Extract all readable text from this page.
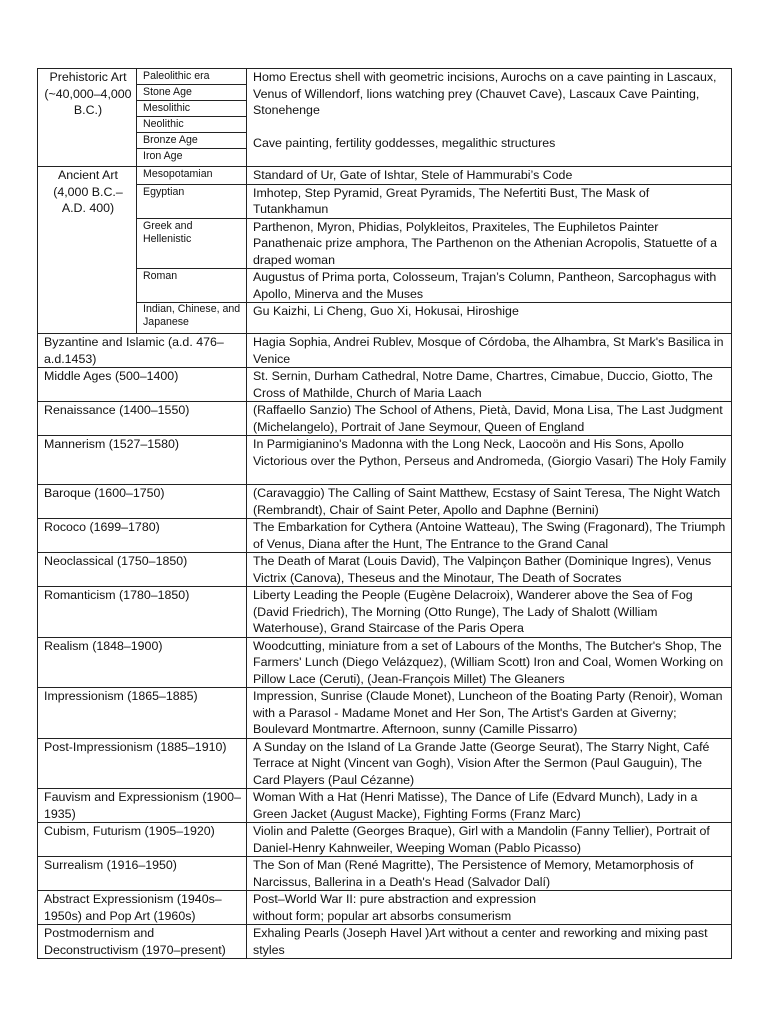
Prehistoric Art (~40,000–4,000 B.C.)	Paleolithic era	Homo Erectus shell with geometric incisions, Aurochs on a cave painting in Lascaux, Venus of Willendorf, lions watching prey (Chauvet Cave), Lascaux Cave Painting, Stonehenge
Cave painting, fertility goddesses, megalithic structures

	Stone Age	
	Mesolithic	
	Neolithic	
	Bronze Age	
	Iron Age	
Ancient Art (4,000 B.C.–A.D. 400)	Mesopotamian	Standard of Ur, Gate of Ishtar, Stele of Hammurabi’s Code
	Egyptian	Imhotep, Step Pyramid, Great Pyramids, The Nefertiti Bust, The Mask of Tutankhamun
	Greek and Hellenistic	Parthenon, Myron, Phidias, Polykleitos, Praxiteles, The Euphiletos Painter Panathenaic prize amphora, The Parthenon on the Athenian Acropolis, Statuette of a draped woman
	Roman	Augustus of Prima porta, Colosseum, Trajan’s Column, Pantheon, Sarcophagus with Apollo, Minerva and the Muses
	Indian, Chinese, and Japanese	Gu Kaizhi, Li Cheng, Guo Xi, Hokusai, Hiroshige
Byzantine and Islamic (a.d. 476–a.d.1453)		Hagia Sophia, Andrei Rublev, Mosque of Córdoba, the Alhambra, St Mark's Basilica in Venice
Middle Ages (500–1400)		St. Sernin, Durham Cathedral, Notre Dame, Chartres, Cimabue, Duccio, Giotto, The Cross of Mathilde, Church of Maria Laach
Renaissance (1400–1550)		(Raffaello Sanzio) The School of Athens, Pietà, David, Mona Lisa, The Last Judgment (Michelangelo), Portrait of Jane Seymour, Queen of England
Mannerism (1527–1580)		In Parmigianino's Madonna with the Long Neck, Laocoön and His Sons, Apollo Victorious over the Python, Perseus and Andromeda, (Giorgio Vasari) The Holy Family
Baroque (1600–1750)		(Caravaggio) The Calling of Saint Matthew, Ecstasy of Saint Teresa, The Night Watch (Rembrandt), Chair of Saint Peter, Apollo and Daphne (Bernini)
Rococo (1699–1780)		The Embarkation for Cythera (Antoine Watteau), The Swing (Fragonard), The Triumph of Venus, Diana after the Hunt, The Entrance to the Grand Canal
Neoclassical (1750–1850)		The Death of Marat (Louis David), The Valpinçon Bather (Dominique Ingres), Venus Victrix (Canova), Theseus and the Minotaur, The Death of Socrates
Romanticism (1780–1850)		Liberty Leading the People (Eugène Delacroix), Wanderer above the Sea of Fog (David Friedrich), The Morning (Otto Runge), The Lady of Shalott (William Waterhouse), Grand Staircase of the Paris Opera
Realism (1848–1900)		Woodcutting, miniature from a set of Labours of the Months, The Butcher's Shop, The Farmers' Lunch (Diego Velázquez), (William Scott) Iron and Coal, Women Working on Pillow Lace (Ceruti), (Jean-François Millet) The Gleaners
Impressionism (1865–1885)		Impression, Sunrise (Claude Monet), Luncheon of the Boating Party (Renoir), Woman with a Parasol - Madame Monet and Her Son, The Artist's Garden at Giverny; Boulevard Montmartre. Afternoon, sunny (Camille Pissarro)
Post-Impressionism (1885–1910)		A Sunday on the Island of La Grande Jatte (George Seurat), The Starry Night, Café Terrace at Night (Vincent van Gogh), Vision After the Sermon (Paul Gauguin), The Card Players (Paul Cézanne)
Fauvism and Expressionism (1900–1935)		Woman With a Hat (Henri Matisse), The Dance of Life (Edvard Munch), Lady in a Green Jacket (August Macke), Fighting Forms (Franz Marc)
Cubism, Futurism (1905–1920)		Violin and Palette (Georges Braque), Girl with a Mandolin (Fanny Tellier), Portrait of Daniel-Henry Kahnweiler, Weeping Woman (Pablo Picasso)
Surrealism (1916–1950)		The Son of Man (René Magritte), The Persistence of Memory, Metamorphosis of Narcissus, Ballerina in a Death's Head (Salvador Dalí)
Abstract Expressionism (1940s–1950s) and Pop Art (1960s)		Post–World War II: pure abstraction and expression
without form; popular art absorbs consumerism

Postmodernism and Deconstructivism (1970–present)		Exhaling Pearls (Joseph Havel )Art without a center and reworking and mixing past styles
